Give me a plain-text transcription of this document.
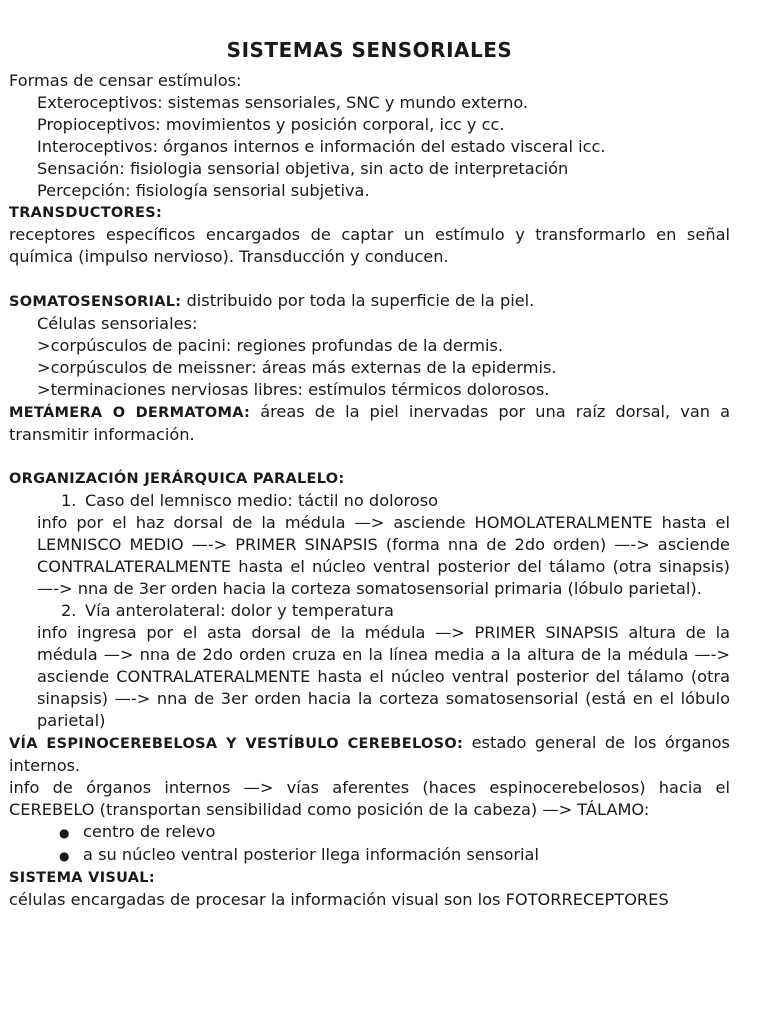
SISTEMAS SENSORIALES
Formas de censar estímulos:
Exteroceptivos: sistemas sensoriales, SNC y mundo externo.
Propioceptivos: movimientos y posición corporal, icc y cc.
Interoceptivos: órganos internos e información del estado visceral icc.
Sensación: fisiologia sensorial objetiva, sin acto de interpretación
Percepción: fisiología sensorial subjetiva.
TRANSDUCTORES:
receptores específicos encargados de captar un estímulo y transformarlo en señal química (impulso nervioso). Transducción y conducen.
SOMATOSENSORIAL: distribuido por toda la superficie de la piel.
Células sensoriales:
>corpúsculos de pacini: regiones profundas de la dermis.
>corpúsculos de meissner: áreas más externas de la epidermis.
>terminaciones nerviosas libres: estímulos térmicos dolorosos.
METÁMERA O DERMATOMA: áreas de la piel inervadas por una raíz dorsal, van a transmitir información.
ORGANIZACIÓN JERÁRQUICA PARALELO:
1. Caso del lemnisco medio: táctil no doloroso
info por el haz dorsal de la médula —> asciende HOMOLATERALMENTE hasta el LEMNISCO MEDIO —-> PRIMER SINAPSIS (forma nna de 2do orden) —-> asciende CONTRALATERALMENTE hasta el núcleo ventral posterior del tálamo (otra sinapsis) —-> nna de 3er orden hacia la corteza somatosensorial primaria (lóbulo parietal).
2. Vía anterolateral: dolor y temperatura
info ingresa por el asta dorsal de la médula —> PRIMER SINAPSIS altura de la médula —> nna de 2do orden cruza en la línea media a la altura de la médula —-> asciende CONTRALATERALMENTE hasta el núcleo ventral posterior del tálamo (otra sinapsis) —-> nna de 3er orden hacia la corteza somatosensorial (está en el lóbulo parietal)
VÍA ESPINOCEREBELOSA Y VESTÍBULO CEREBELOSO: estado general de los órganos internos.
info de órganos internos —> vías aferentes (haces espinocerebelosos) hacia el CEREBELO (transportan sensibilidad como posición de la cabeza) —> TÁLAMO:
● centro de relevo
● a su núcleo ventral posterior llega información sensorial
SISTEMA VISUAL:
células encargadas de procesar la información visual son los FOTORRECEPTORES
